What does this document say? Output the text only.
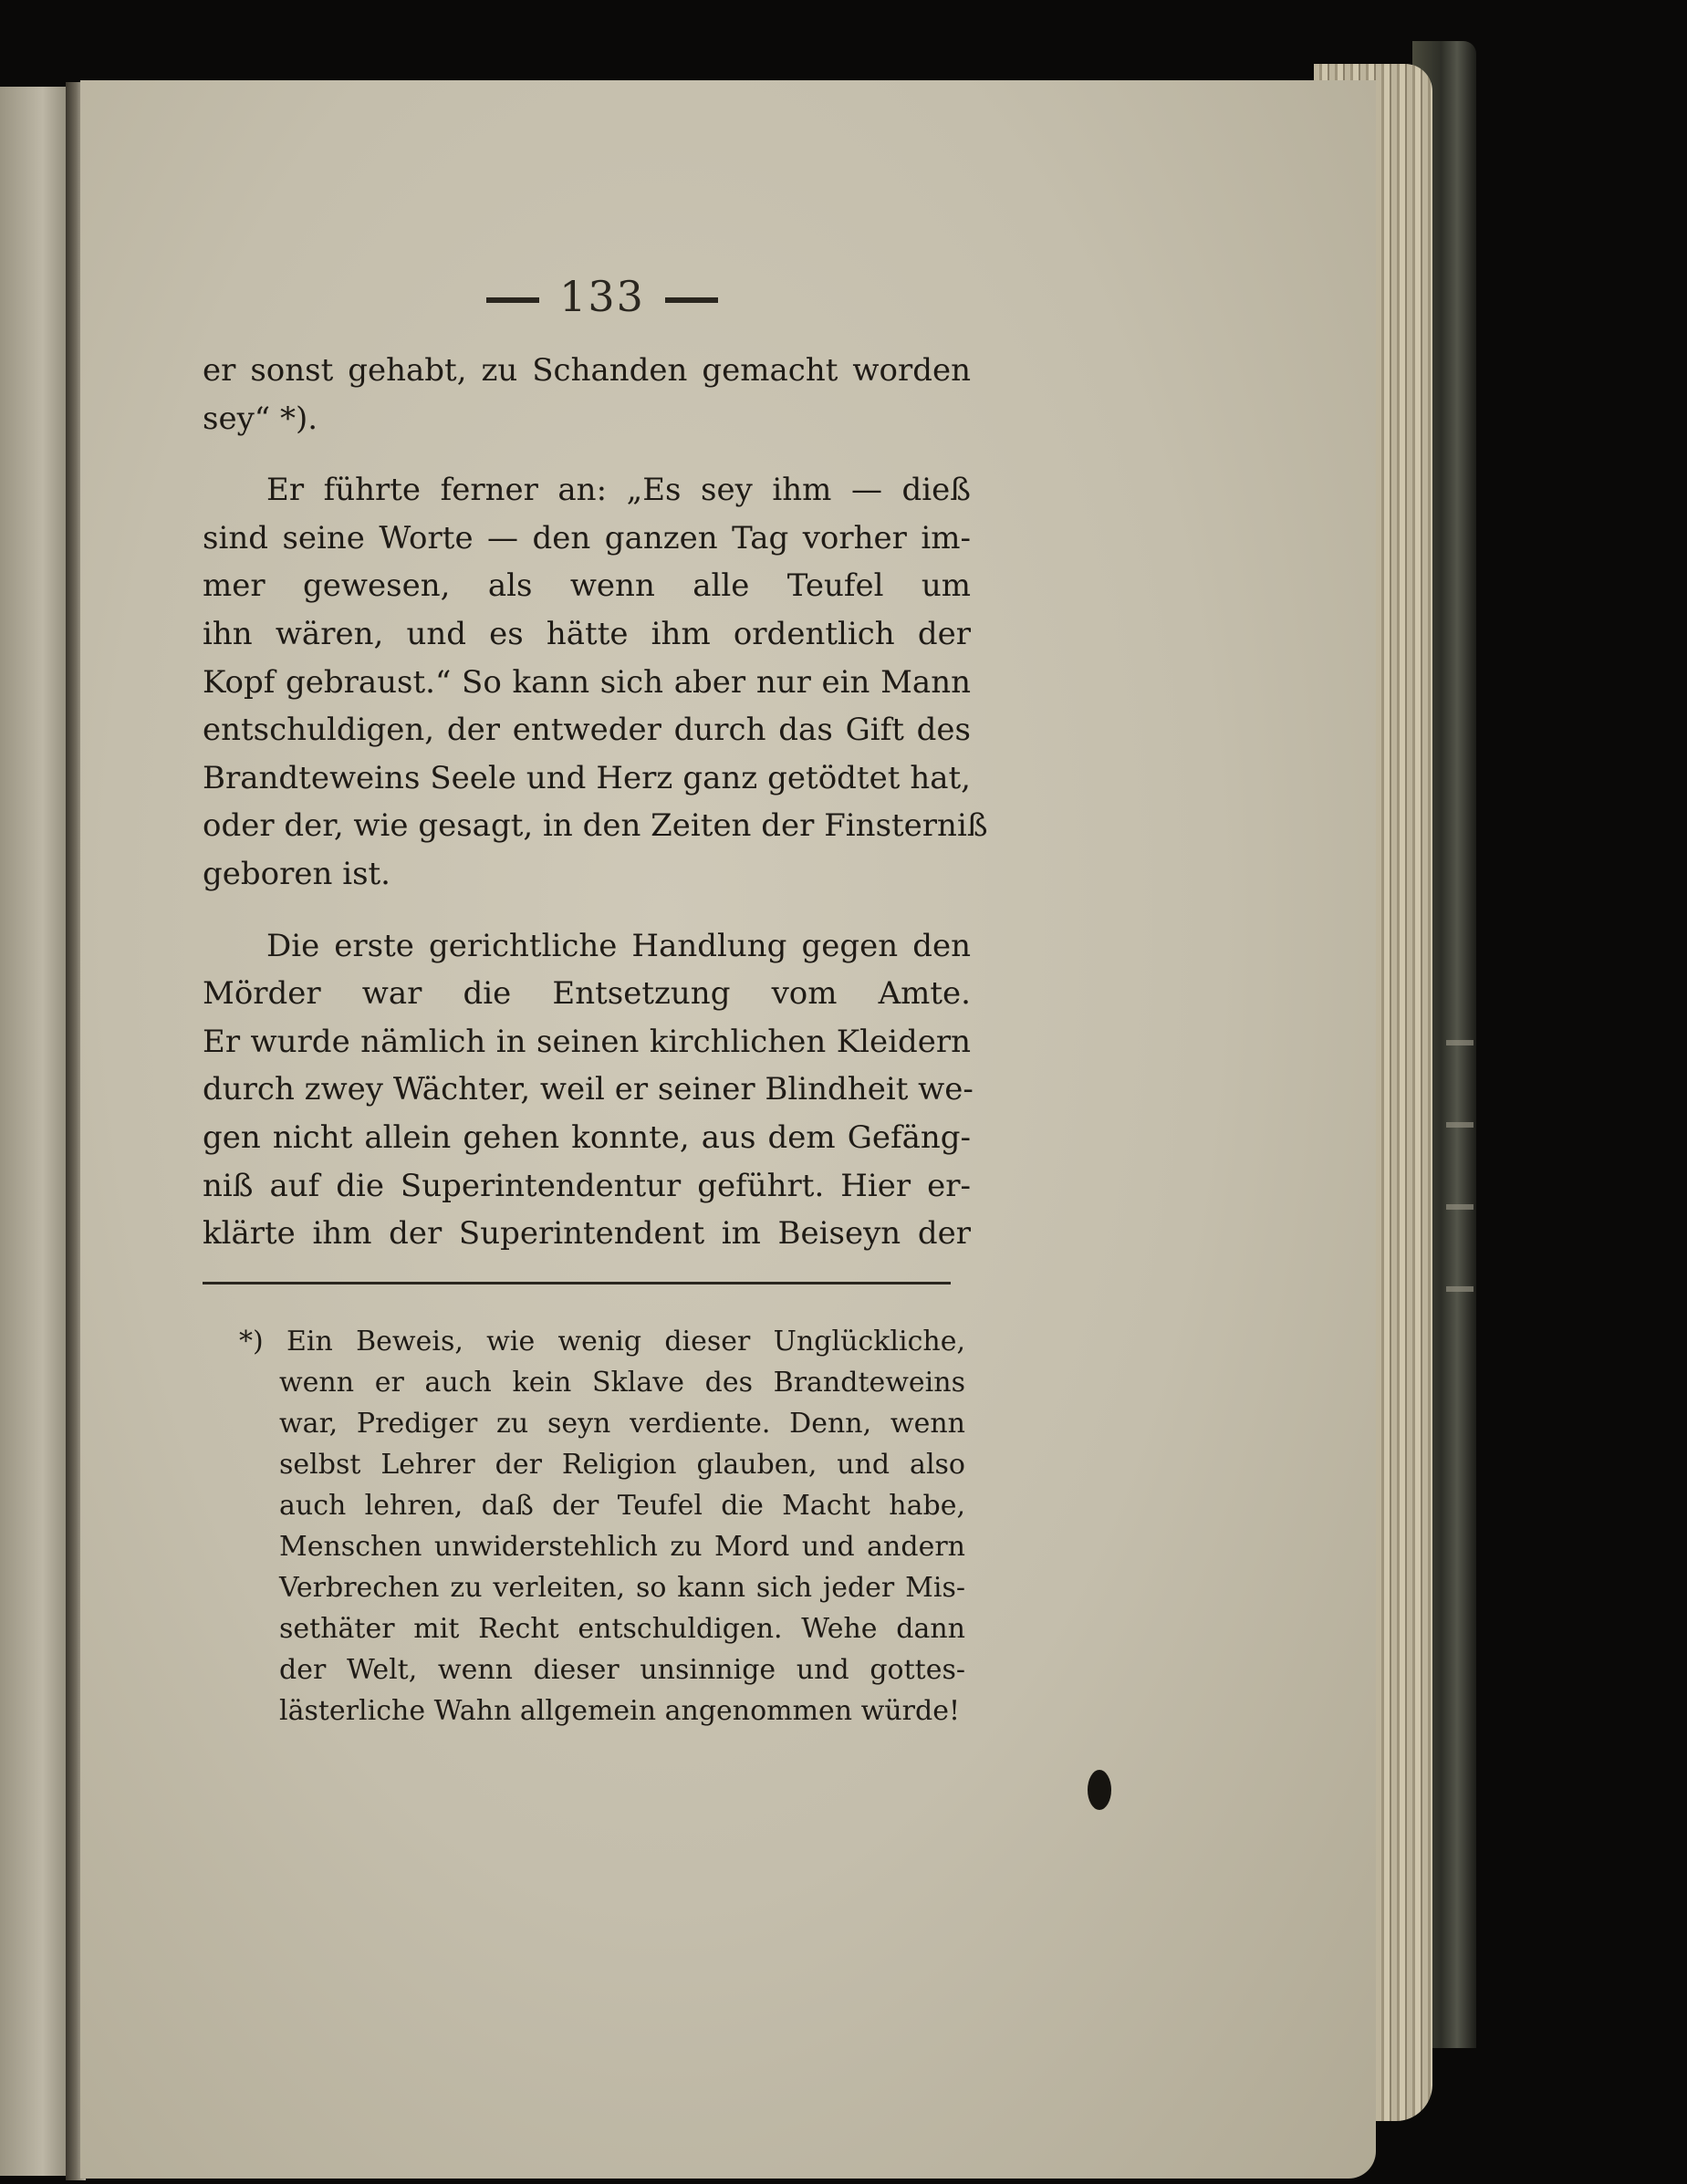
133
er sonst gehabt, zu Schanden gemacht worden
sey“ *).
Er führte ferner an: „Es sey ihm — dieß
sind seine Worte — den ganzen Tag vorher im-
mer gewesen, als wenn alle Teufel um
ihn wären, und es hätte ihm ordentlich der
Kopf gebraust.“ So kann sich aber nur ein Mann
entschuldigen, der entweder durch das Gift des
Brandteweins Seele und Herz ganz getödtet hat,
oder der, wie gesagt, in den Zeiten der Finsterniß
geboren ist.
Die erste gerichtliche Handlung gegen den
Mörder war die Entsetzung vom Amte.
Er wurde nämlich in seinen kirchlichen Kleidern
durch zwey Wächter, weil er seiner Blindheit we-
gen nicht allein gehen konnte, aus dem Gefäng-
niß auf die Superintendentur geführt. Hier er-
klärte ihm der Superintendent im Beiseyn der
*) Ein Beweis, wie wenig dieser Unglückliche,
wenn er auch kein Sklave des Brandteweins
war, Prediger zu seyn verdiente. Denn, wenn
selbst Lehrer der Religion glauben, und also
auch lehren, daß der Teufel die Macht habe,
Menschen unwiderstehlich zu Mord und andern
Verbrechen zu verleiten, so kann sich jeder Mis-
sethäter mit Recht entschuldigen. Wehe dann
der Welt, wenn dieser unsinnige und gottes-
lästerliche Wahn allgemein angenommen würde!
